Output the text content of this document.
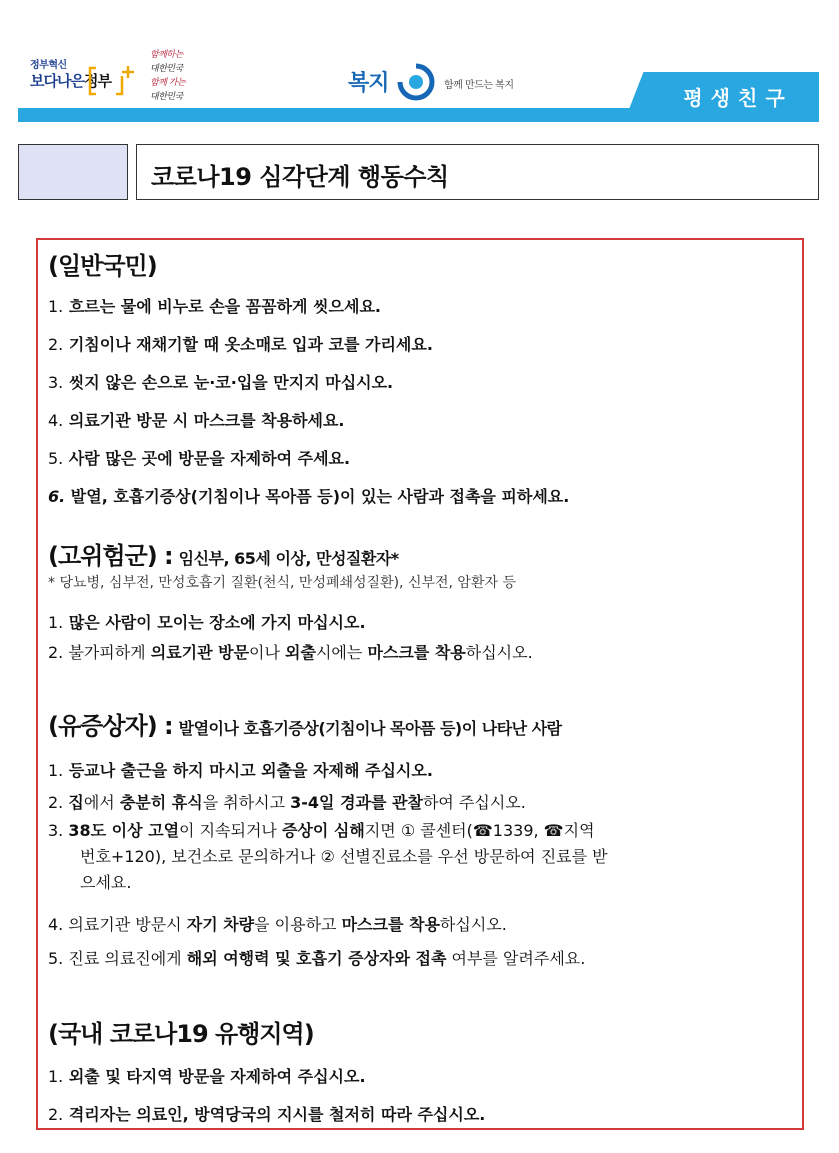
정부혁신
보다나은정부
함께하는
대한민국
함께 가는
대한민국
복지	함께 만드는 복지
평생친구
코로나19 심각단계 행동수칙
(일반국민)
1. 흐르는 물에 비누로 손을 꼼꼼하게 씻으세요.
2. 기침이나 재채기할 때 옷소매로 입과 코를 가리세요.
3. 씻지 않은 손으로 눈·코·입을 만지지 마십시오.
4. 의료기관 방문 시 마스크를 착용하세요.
5. 사람 많은 곳에 방문을 자제하여 주세요.
6. 발열, 호흡기증상(기침이나 목아픔 등)이 있는 사람과 접촉을 피하세요.
(고위험군) : 임신부, 65세 이상, 만성질환자*
* 당뇨병, 심부전, 만성호흡기 질환(천식, 만성폐쇄성질환), 신부전, 암환자 등
1. 많은 사람이 모이는 장소에 가지 마십시오.
2. 불가피하게 의료기관 방문이나 외출시에는 마스크를 착용하십시오.
(유증상자) : 발열이나 호흡기증상(기침이나 목아픔 등)이 나타난 사람
1. 등교나 출근을 하지 마시고 외출을 자제해 주십시오.
2. 집에서 충분히 휴식을 취하시고 3-4일 경과를 관찰하여 주십시오.
3. 38도 이상 고열이 지속되거나 증상이 심해지면 ① 콜센터(☎1339, ☎지역
번호+120), 보건소로 문의하거나 ② 선별진료소를 우선 방문하여 진료를 받
으세요.
4. 의료기관 방문시 자기 차량을 이용하고 마스크를 착용하십시오.
5. 진료 의료진에게 해외 여행력 및 호흡기 증상자와 접촉 여부를 알려주세요.
(국내 코로나19 유행지역)
1. 외출 및 타지역 방문을 자제하여 주십시오.
2. 격리자는 의료인, 방역당국의 지시를 철저히 따라 주십시오.
